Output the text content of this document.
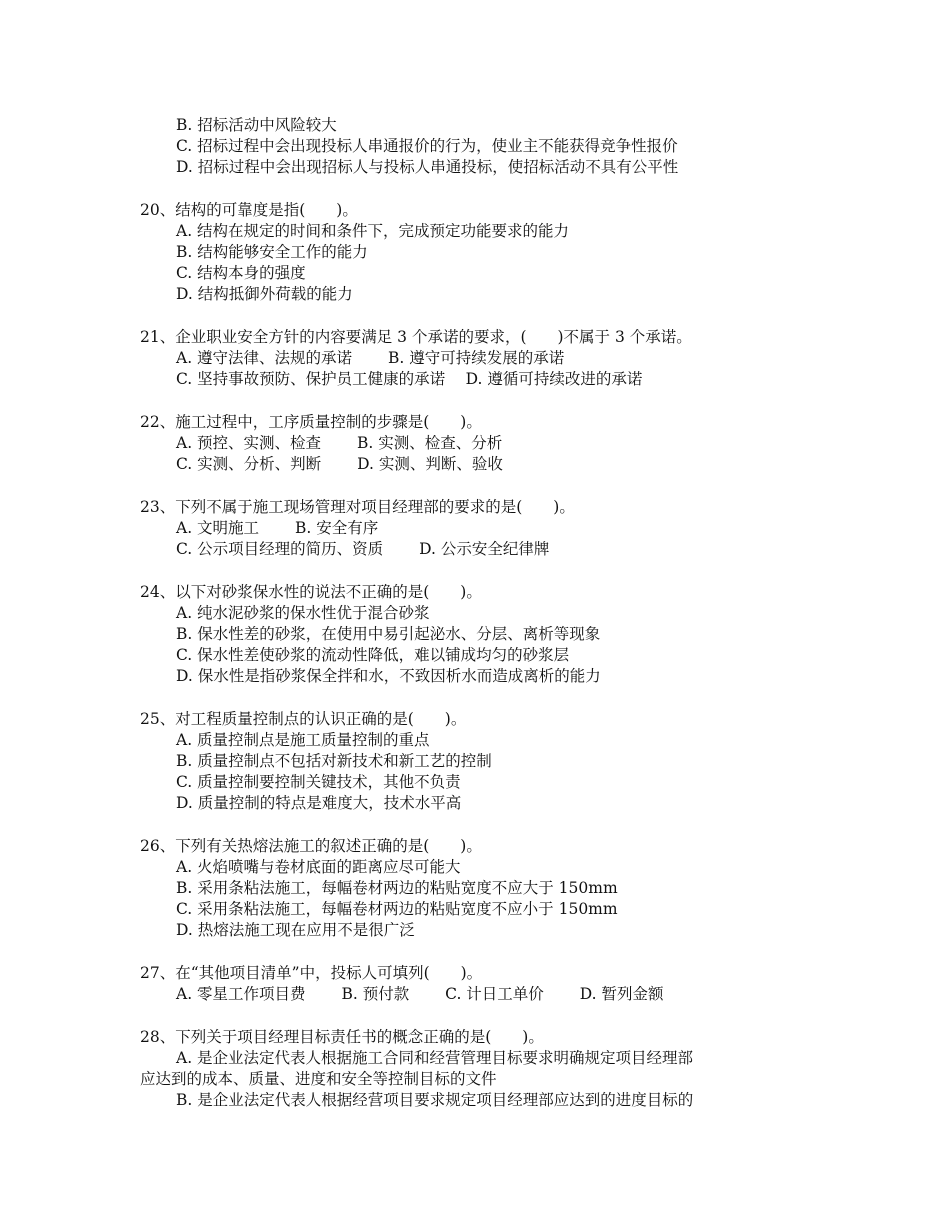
B. 招标活动中风险较大
C. 招标过程中会出现投标人串通报价的行为，使业主不能获得竞争性报价
D. 招标过程中会出现招标人与投标人串通投标，使招标活动不具有公平性
20、结构的可靠度是指(　　)。
A. 结构在规定的时间和条件下，完成预定功能要求的能力
B. 结构能够安全工作的能力
C. 结构本身的强度
D. 结构抵御外荷载的能力
21、企业职业安全方针的内容要满足 3 个承诺的要求，(　　)不属于 3 个承诺。
A. 遵守法律、法规的承诺　　 B. 遵守可持续发展的承诺
C. 坚持事故预防、保护员工健康的承诺　 D. 遵循可持续改进的承诺
22、施工过程中，工序质量控制的步骤是(　　)。
A. 预控、实测、检查　　 B. 实测、检查、分析
C. 实测、分析、判断　　 D. 实测、判断、验收
23、下列不属于施工现场管理对项目经理部的要求的是(　　)。
A. 文明施工　　 B. 安全有序
C. 公示项目经理的简历、资质　　 D. 公示安全纪律牌
24、以下对砂浆保水性的说法不正确的是(　　)。
A. 纯水泥砂浆的保水性优于混合砂浆
B. 保水性差的砂浆，在使用中易引起泌水、分层、离析等现象
C. 保水性差使砂浆的流动性降低，难以铺成均匀的砂浆层
D. 保水性是指砂浆保全拌和水，不致因析水而造成离析的能力
25、对工程质量控制点的认识正确的是(　　)。
A. 质量控制点是施工质量控制的重点
B. 质量控制点不包括对新技术和新工艺的控制
C. 质量控制要控制关键技术，其他不负责
D. 质量控制的特点是难度大，技术水平高
26、下列有关热熔法施工的叙述正确的是(　　)。
A. 火焰喷嘴与卷材底面的距离应尽可能大
B. 采用条粘法施工，每幅卷材两边的粘贴宽度不应大于 150mm
C. 采用条粘法施工，每幅卷材两边的粘贴宽度不应小于 150mm
D. 热熔法施工现在应用不是很广泛
27、在“其他项目清单”中，投标人可填列(　　)。
A. 零星工作项目费　　 B. 预付款　　 C. 计日工单价　　 D. 暂列金额
28、下列关于项目经理目标责任书的概念正确的是(　　)。
A. 是企业法定代表人根据施工合同和经营管理目标要求明确规定项目经理部
应达到的成本、质量、进度和安全等控制目标的文件
B. 是企业法定代表人根据经营项目要求规定项目经理部应达到的进度目标的
